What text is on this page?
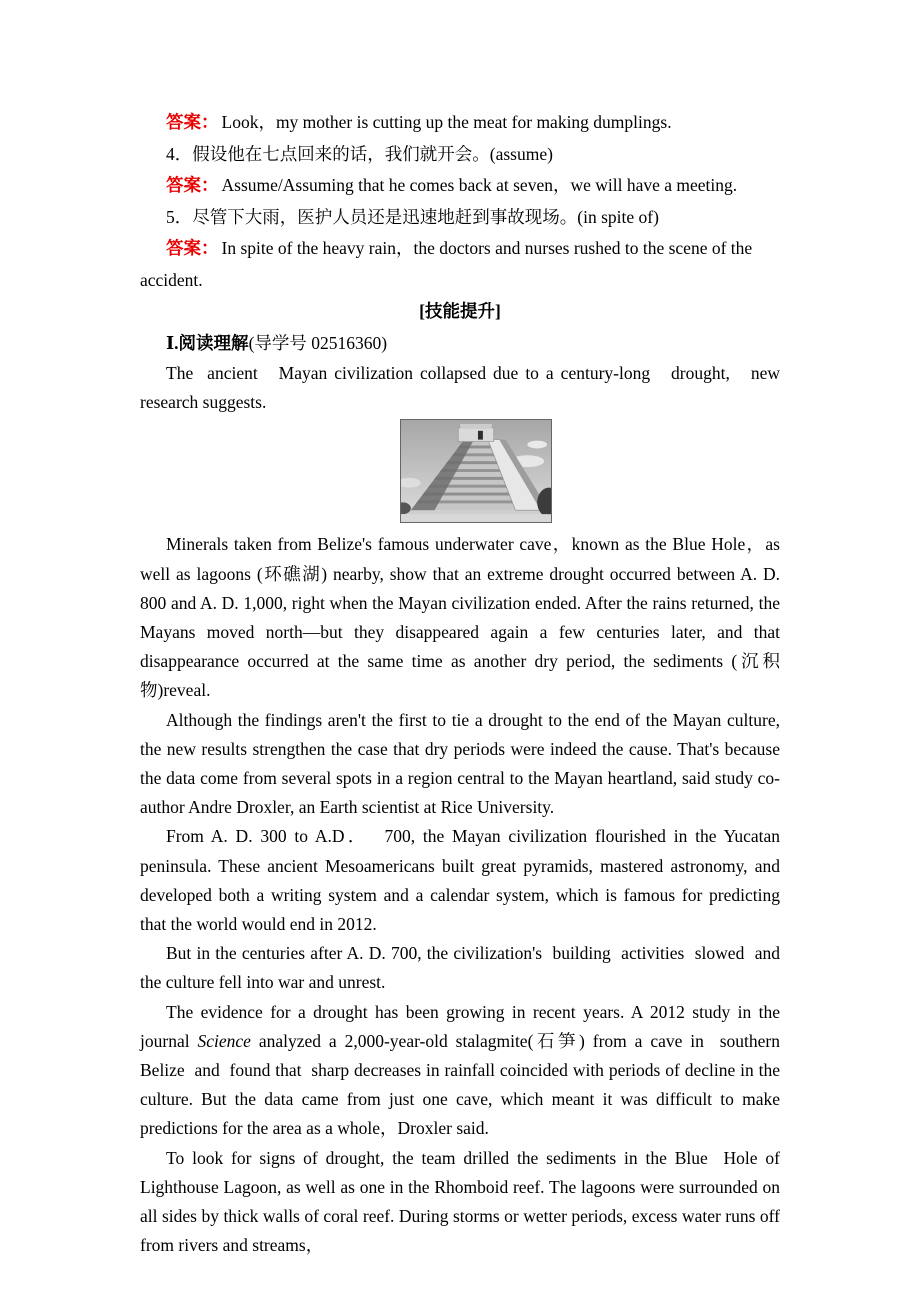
答案： Look，my mother is cutting up the meat for making dumplings.

4．假设他在七点回来的话，我们就开会。(assume)

答案： Assume/Assuming that he comes back at seven，we will have a meeting.

5．尽管下大雨，医护人员还是迅速地赶到事故现场。(in spite of)

答案： In spite of the heavy rain，the doctors and nurses rushed to the scene of the accident.

[技能提升]

Ⅰ.阅读理解(导学号 02516360)

The  ancient   Mayan civilization collapsed due to a century-long   drought,   new research suggests.

Minerals taken from Belize's famous underwater cave，known as the Blue Hole，as well as lagoons (环礁湖) nearby, show that an extreme drought occurred between A. D. 800 and A. D. 1,000, right when the Mayan civilization ended. After the rains returned, the Mayans moved north—but they disappeared again a few centuries later, and that disappearance occurred at the same time as another dry period, the sediments (沉积物)reveal.

Although the findings aren't the first to tie a drought to the end of the Mayan culture, the new results strengthen the case that dry periods were indeed the cause. That's because the data come from several spots in a region central to the Mayan heartland, said study co-author Andre Droxler, an Earth scientist at Rice University.

From A. D. 300 to A.D．  700, the Mayan civilization flourished in the Yucatan peninsula. These ancient Mesoamericans built great pyramids, mastered astronomy, and developed both a writing system and a calendar system, which is famous for predicting that the world would end in 2012.

But in the centuries after A. D. 700, the civilization's  building  activities  slowed  and the culture fell into war and unrest.

The evidence for a drought has been growing in recent years. A 2012 study in the journal Science analyzed a 2,000-year-old stalagmite(石笋) from a cave in  southern  Belize  and  found that  sharp decreases in rainfall coincided with periods of decline in the culture. But the data came from just one cave, which meant it was difficult to make predictions for the area as a whole，Droxler said.

To look for signs of drought, the team drilled the sediments in the Blue  Hole of Lighthouse Lagoon, as well as one in the Rhomboid reef. The lagoons were surrounded on all sides by thick walls of coral reef. During storms or wetter periods, excess water runs off from rivers and streams，
